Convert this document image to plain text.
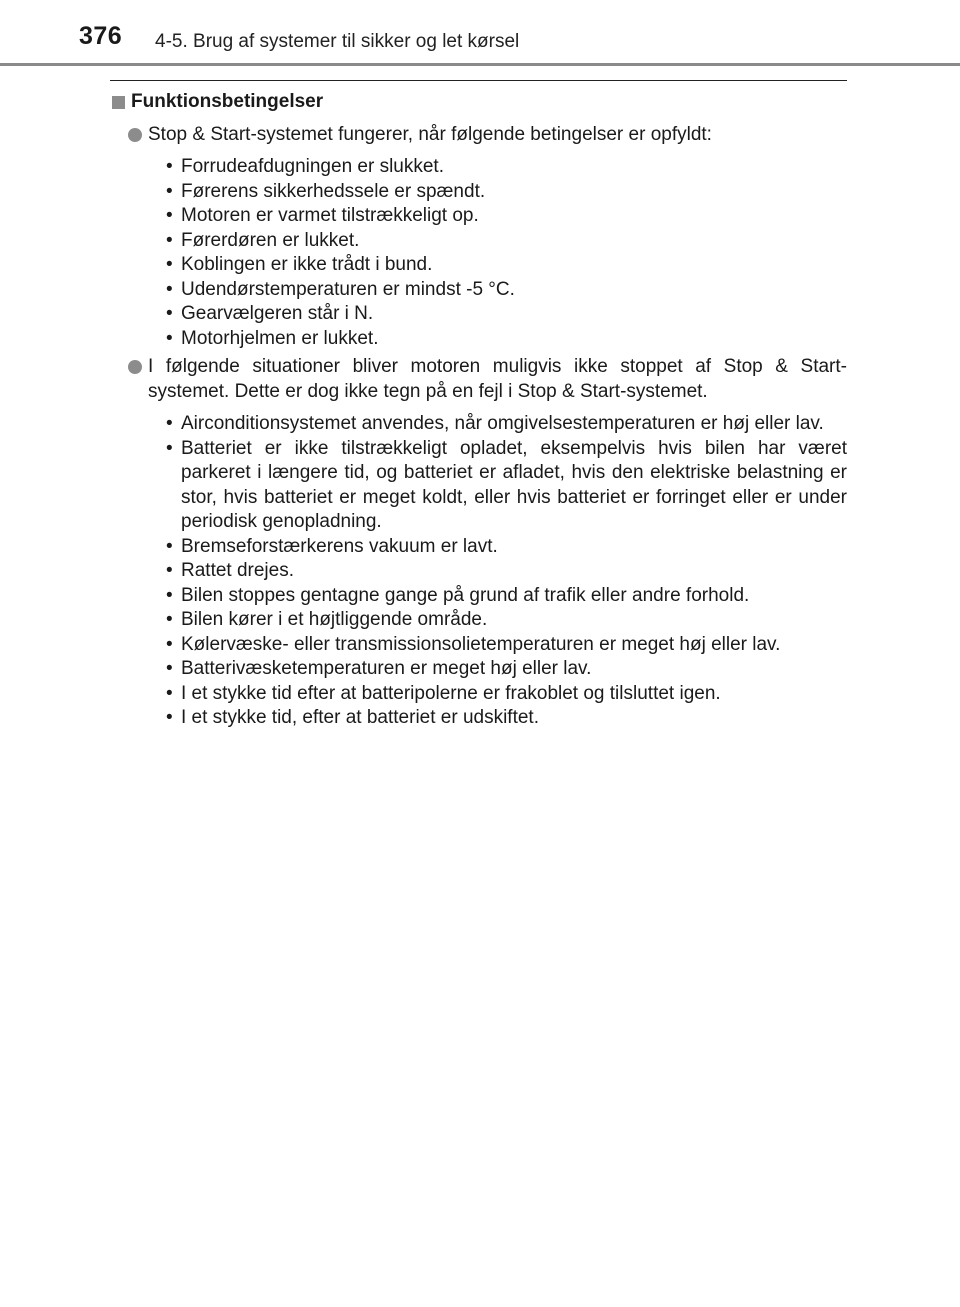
376 4-5. Brug af systemer til sikker og let kørsel
Funktionsbetingelser
Stop & Start-systemet fungerer, når følgende betingelser er opfyldt:
• Forrudeafdugningen er slukket.
• Førerens sikkerhedssele er spændt.
• Motoren er varmet tilstrækkeligt op.
• Førerdøren er lukket.
• Koblingen er ikke trådt i bund.
• Udendørstemperaturen er mindst -5 °C.
• Gearvælgeren står i N.
• Motorhjelmen er lukket.
I følgende situationer bliver motoren muligvis ikke stoppet af Stop & Start-systemet. Dette er dog ikke tegn på en fejl i Stop & Start-systemet.
• Airconditionsystemet anvendes, når omgivelsestemperaturen er høj eller lav.
• Batteriet er ikke tilstrækkeligt opladet, eksempelvis hvis bilen har været parkeret i længere tid, og batteriet er afladet, hvis den elektriske belastning er stor, hvis batteriet er meget koldt, eller hvis batteriet er forringet eller er under periodisk genopladning.
• Bremseforstærkerens vakuum er lavt.
• Rattet drejes.
• Bilen stoppes gentagne gange på grund af trafik eller andre forhold.
• Bilen kører i et højtliggende område.
• Kølervæske- eller transmissionsolietemperaturen er meget høj eller lav.
• Batterivæsketemperaturen er meget høj eller lav.
• I et stykke tid efter at batteripolerne er frakoblet og tilsluttet igen.
• I et stykke tid, efter at batteriet er udskiftet.
